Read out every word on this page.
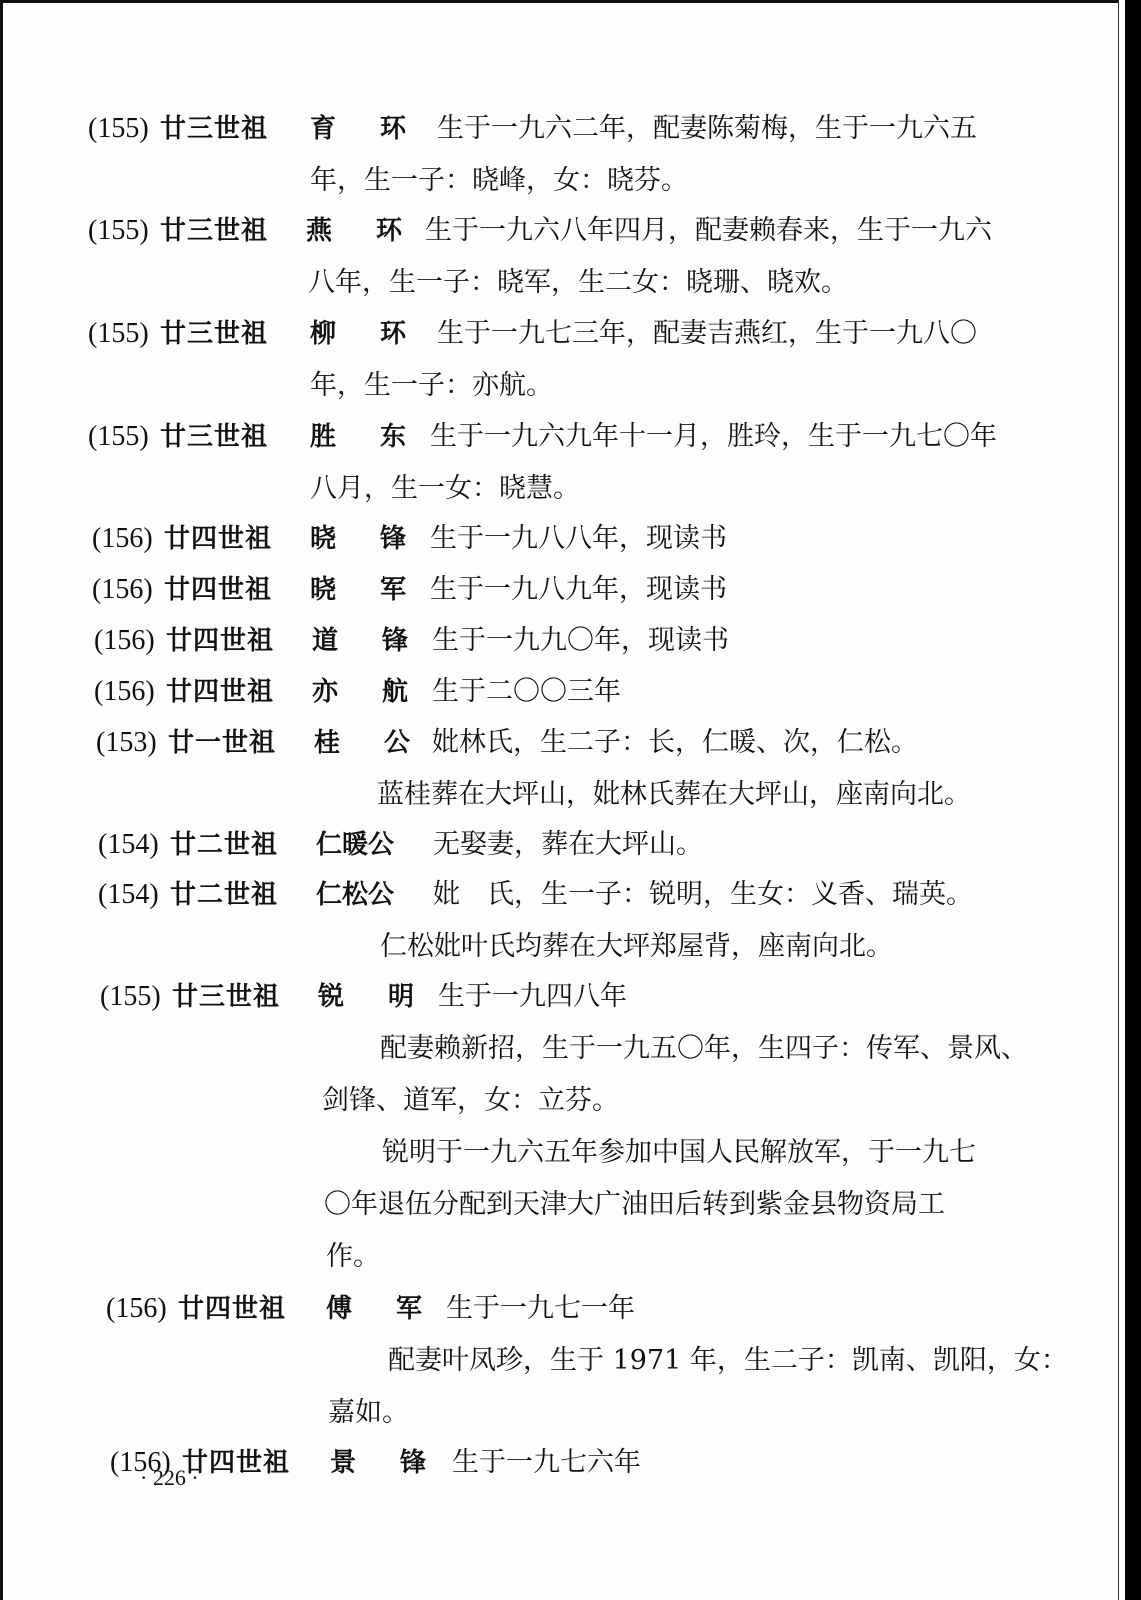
(155) 廿三世祖 育环
生于一九六二年，配妻陈菊梅，生于一九六五
年，生一子：晓峰，女：晓芬。
(155) 廿三世祖 燕环
生于一九六八年四月，配妻赖春来，生于一九六
八年，生一子：晓军，生二女：晓珊、晓欢。
(155) 廿三世祖 柳环
生于一九七三年，配妻吉燕红，生于一九八〇
年，生一子：亦航。
(155) 廿三世祖 胜东
生于一九六九年十一月，胜玲，生于一九七〇年
八月，生一女：晓慧。
(156) 廿四世祖 晓锋
生于一九八八年，现读书
(156) 廿四世祖 晓军
生于一九八九年，现读书
(156) 廿四世祖 道锋
生于一九九〇年，现读书
(156) 廿四世祖 亦航
生于二〇〇三年
(153) 廿一世祖 桂公
妣林氏，生二子：长，仁暖、次，仁松。
蓝桂葬在大坪山，妣林氏葬在大坪山，座南向北。
(154) 廿二世祖 仁暖公 无娶妻，葬在大坪山。
(154) 廿二世祖 仁松公 妣　氏，生一子：锐明，生女：义香、瑞英。
仁松妣叶氏均葬在大坪郑屋背，座南向北。
(155) 廿三世祖 锐明
生于一九四八年
配妻赖新招，生于一九五〇年，生四子：传军、景风、
剑锋、道军，女：立芬。
锐明于一九六五年参加中国人民解放军，于一九七
〇年退伍分配到天津大广油田后转到紫金县物资局工
作。
(156) 廿四世祖 傅军
生于一九七一年
配妻叶凤珍，生于 1971 年，生二子：凯南、凯阳，女：
嘉如。
(156) 廿四世祖 景锋
生于一九七六年
· 226 ·
